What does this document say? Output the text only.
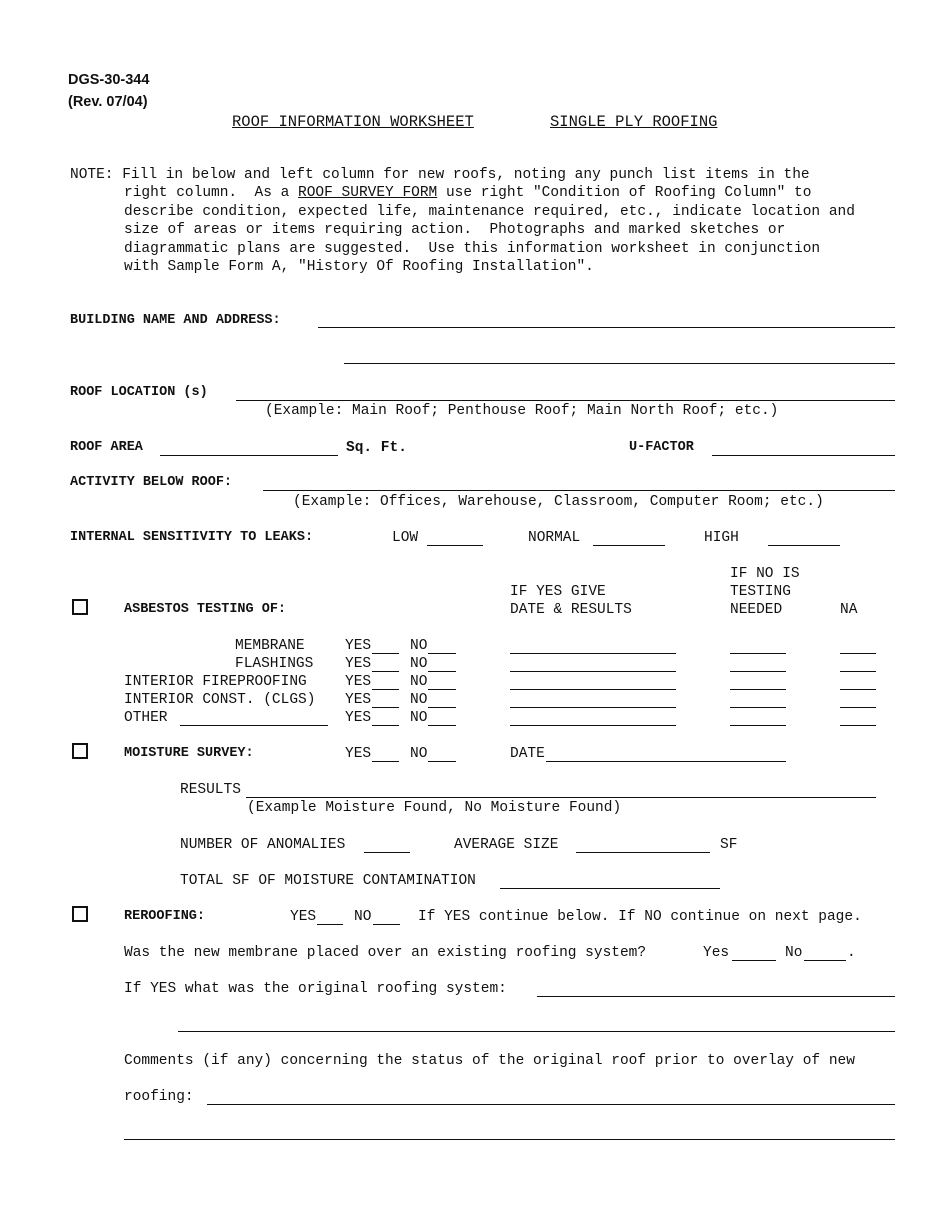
DGS-30-344
(Rev. 07/04)
ROOF INFORMATION WORKSHEET	SINGLE PLY ROOFING
NOTE: Fill in below and left column for new roofs, noting any punch list items in the
right column.  As a ROOF SURVEY FORM use right "Condition of Roofing Column" to
describe condition, expected life, maintenance required, etc., indicate location and
size of areas or items requiring action.  Photographs and marked sketches or
diagrammatic plans are suggested.  Use this information worksheet in conjunction
with Sample Form A, "History Of Roofing Installation".
BUILDING NAME AND ADDRESS:
ROOF LOCATION (s)
(Example: Main Roof; Penthouse Roof; Main North Roof; etc.)
ROOF AREA	Sq. Ft.	U-FACTOR
ACTIVITY BELOW ROOF:
(Example: Offices, Warehouse, Classroom, Computer Room; etc.)
INTERNAL SENSITIVITY TO LEAKS:	LOW	NORMAL	HIGH
IF NO IS
IF YES GIVE	TESTING
ASBESTOS TESTING OF:	DATE & RESULTS	NEEDED	NA
MEMBRANE	YES	NO
FLASHINGS YES	NO
INTERIOR FIREPROOFING	YES	NO
INTERIOR CONST. (CLGS) YES	NO
OTHER	YES	NO
MOISTURE SURVEY:	YES	NO	DATE
RESULTS
(Example Moisture Found, No Moisture Found)
NUMBER OF ANOMALIES	AVERAGE SIZE	SF
TOTAL SF OF MOISTURE CONTAMINATION
REROOFING:	YES	NO	If YES continue below. If NO continue on next page.
Was the new membrane placed over an existing roofing system?	Yes	No	.
If YES what was the original roofing system:
Comments (if any) concerning the status of the original roof prior to overlay of new
roofing:
